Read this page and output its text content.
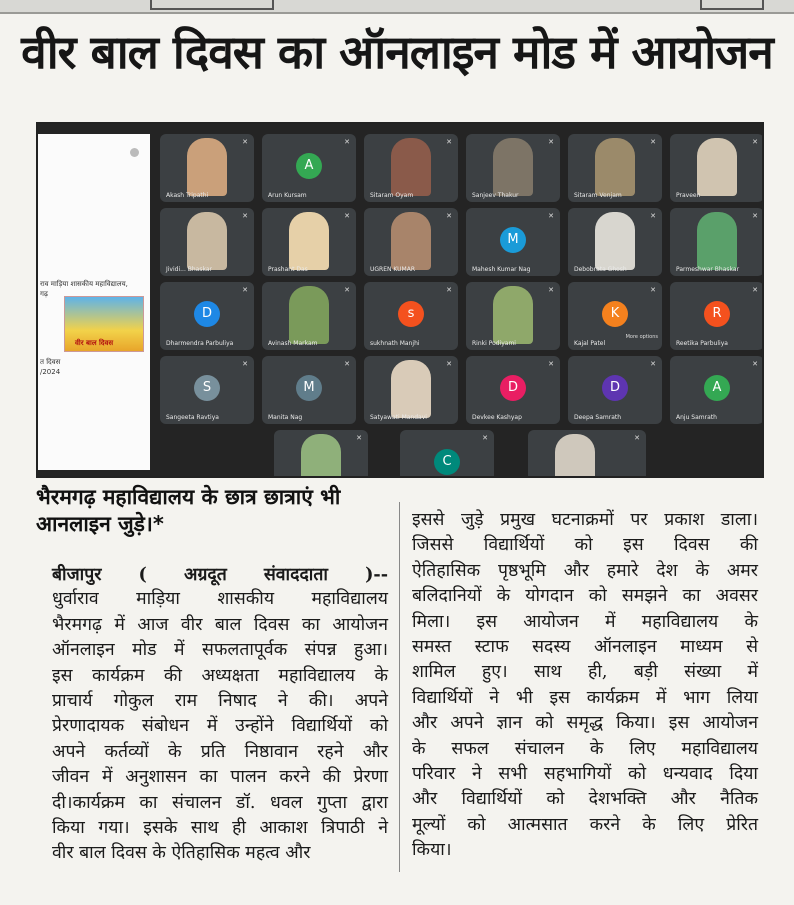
वीर बाल दिवस का ऑनलाइन मोड में आयोजन
राव माड़िया शासकीय महाविद्यालय,
गढ़
वीर बाल दिवस
त दिवस
/2024
✕
Akash Tripathi
A
✕
Arun Kursam
✕
Sitaram Oyam
✕
Sanjeev Thakur
✕
Sitaram Venjam
✕
Praveen
✕
Jividi... Bhaskar
✕
Prashant Das
✕
UGREN KUMAR
M
✕
Mahesh Kumar Nag
✕
Debobrata Ghosh
✕
Parmeshwar Bhaskar
D
✕
Dharmendra Parbuliya
✕
Avinash Markam
s
✕
sukhnath Manjhi
✕
Rinki Podiyami
K
✕
Kajal Patel
More options
R
✕
Reetika Parbuliya
S
✕
Sangeeta Ravtiya
M
✕
Manita Nag
✕
Satyawati Mandavi
D
✕
Devkee Kashyap
D
✕
Deepa Samrath
A
✕
Anju Samrath
✕
C
✕	✕
भैरमगढ़ महाविद्यालय के छात्र छात्राएं भी
आनलाइन जुड़े।*
बीजापुर ( अग्रदूत संवाददाता )--
धुर्वाराव माड़िया शासकीय महाविद्यालय
भैरमगढ़ में आज वीर बाल दिवस का आयोजन
ऑनलाइन मोड में सफलतापूर्वक संपन्न हुआ।
इस कार्यक्रम की अध्यक्षता महाविद्यालय के
प्राचार्य गोकुल राम निषाद ने की। अपने
प्रेरणादायक संबोधन में उन्होंने विद्यार्थियों को
अपने कर्तव्यों के प्रति निष्ठावान रहने और
जीवन में अनुशासन का पालन करने की प्रेरणा
दी।कार्यक्रम का संचालन डॉ. धवल गुप्ता द्वारा
किया गया। इसके साथ ही आकाश त्रिपाठी ने
वीर बाल दिवस के ऐतिहासिक महत्व और
इससे जुड़े प्रमुख घटनाक्रमों पर प्रकाश डाला।
जिससे विद्यार्थियों को इस दिवस की
ऐतिहासिक पृष्ठभूमि और हमारे देश के अमर
बलिदानियों के योगदान को समझने का अवसर
मिला। इस आयोजन में महाविद्यालय के
समस्त स्टाफ सदस्य ऑनलाइन माध्यम से
शामिल हुए। साथ ही, बड़ी संख्या में
विद्यार्थियों ने भी इस कार्यक्रम में भाग लिया
और अपने ज्ञान को समृद्ध किया। इस आयोजन
के सफल संचालन के लिए महाविद्यालय
परिवार ने सभी सहभागियों को धन्यवाद दिया
और विद्यार्थियों को देशभक्ति और नैतिक
मूल्यों को आत्मसात करने के लिए प्रेरित
किया।
